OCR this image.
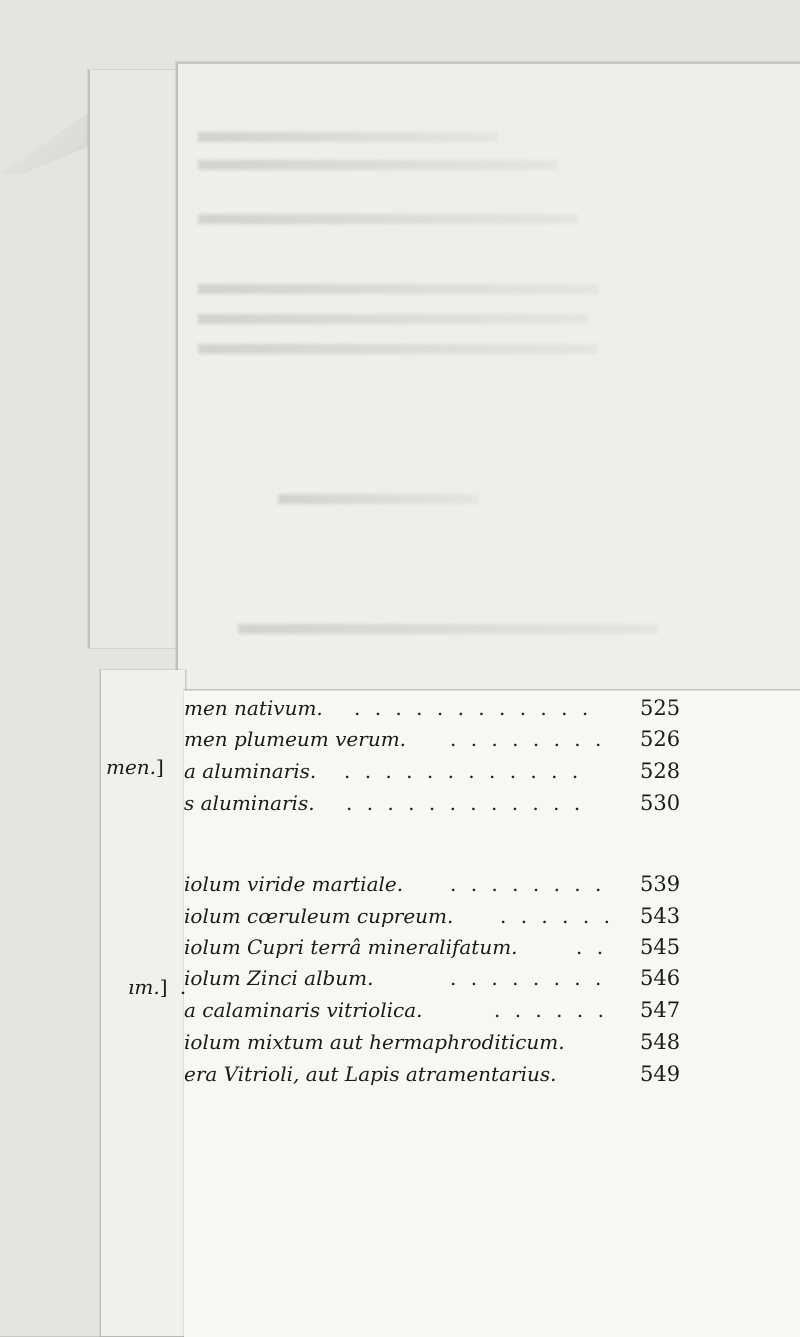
men.]
ım.] .
men nativum. . . . . . . . . . . . . 525
men plumeum verum. . . . . . . . . 526
a aluminaris. . . . . . . . . . . . .	528
s aluminaris. . . . . . . . . . . . .	530
iolum viride martiale. . . . . . . . . 539
iolum cœruleum cupreum. . . . . . . 543
iolum Cupri terrâ mineralifatum.	. . 545
iolum Zinci album.	. . . . . . . . 546
a calaminaris vitriolica.	. . . . . . 547
iolum mixtum aut hermaphroditicum.	548
era Vitrioli, aut Lapis atramentarius.	549
